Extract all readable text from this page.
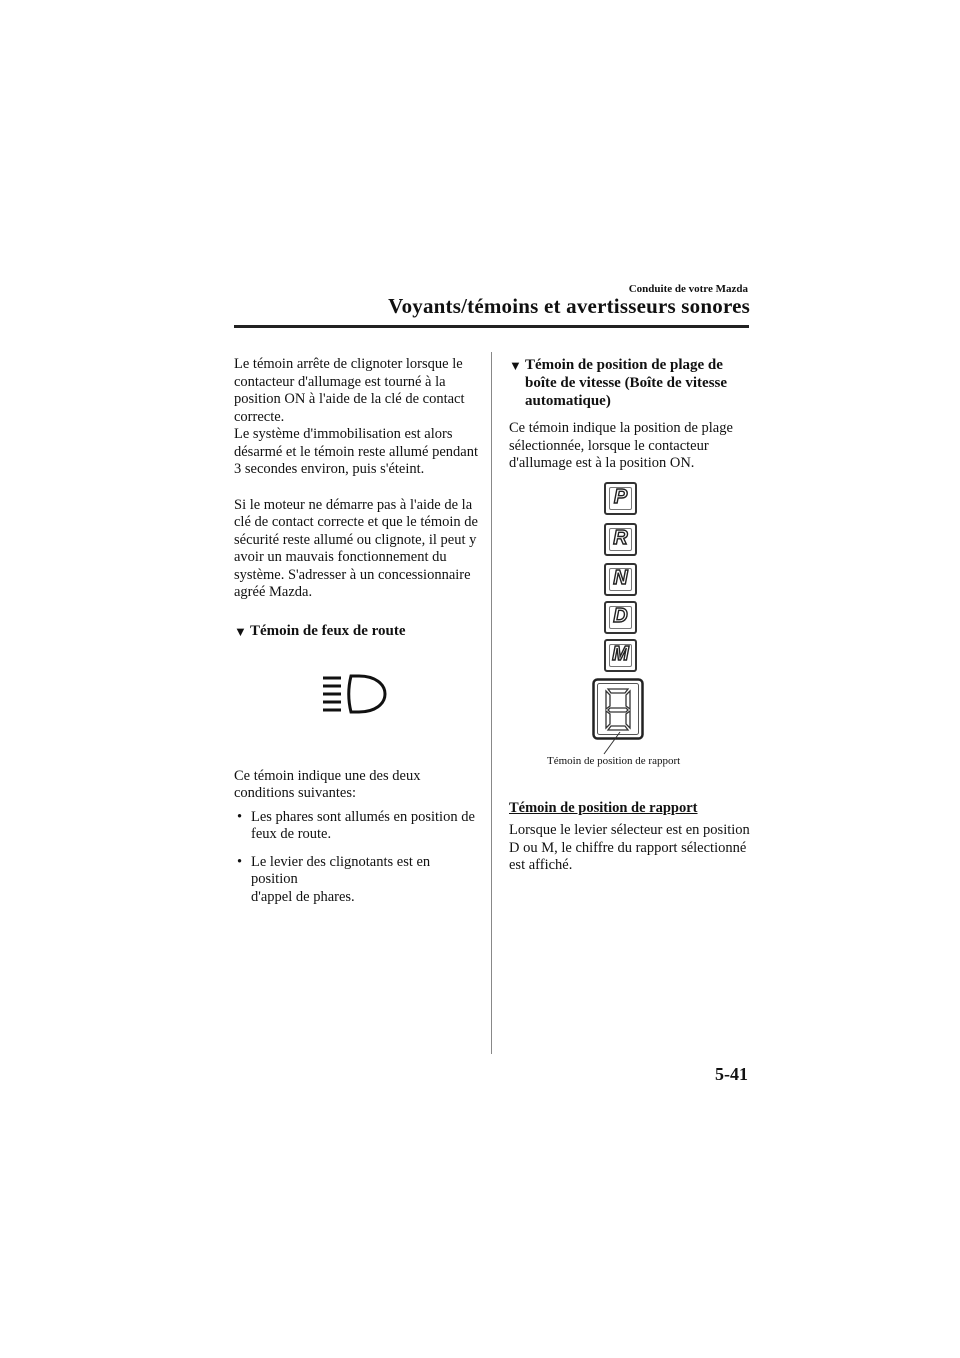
Conduite de votre Mazda
Voyants/témoins et avertisseurs sonores

Le témoin arrête de clignoter lorsque le
contacteur d'allumage est tourné à la
position ON à l'aide de la clé de contact
correcte.
Le système d'immobilisation est alors
désarmé et le témoin reste allumé pendant
3 secondes environ, puis s'éteint.

Si le moteur ne démarre pas à l'aide de la
clé de contact correcte et que le témoin de
sécurité reste allumé ou clignote, il peut y
avoir un mauvais fonctionnement du
système. S'adresser à un concessionnaire
agréé Mazda.

▼ Témoin de feux de route

Ce témoin indique une des deux
conditions suivantes:

• Les phares sont allumés en position de
feux de route.
• Le levier des clignotants est en position
d'appel de phares.
▼ Témoin de position de plage de
boîte de vitesse (Boîte de vitesse
automatique)

Ce témoin indique la position de plage
sélectionnée, lorsque le contacteur
d'allumage est à la position ON.

P
R
N
D
M
Témoin de position de rapport
Témoin de position de rapport
Lorsque le levier sélecteur est en position
D ou M, le chiffre du rapport sélectionné
est affiché.
5-41
